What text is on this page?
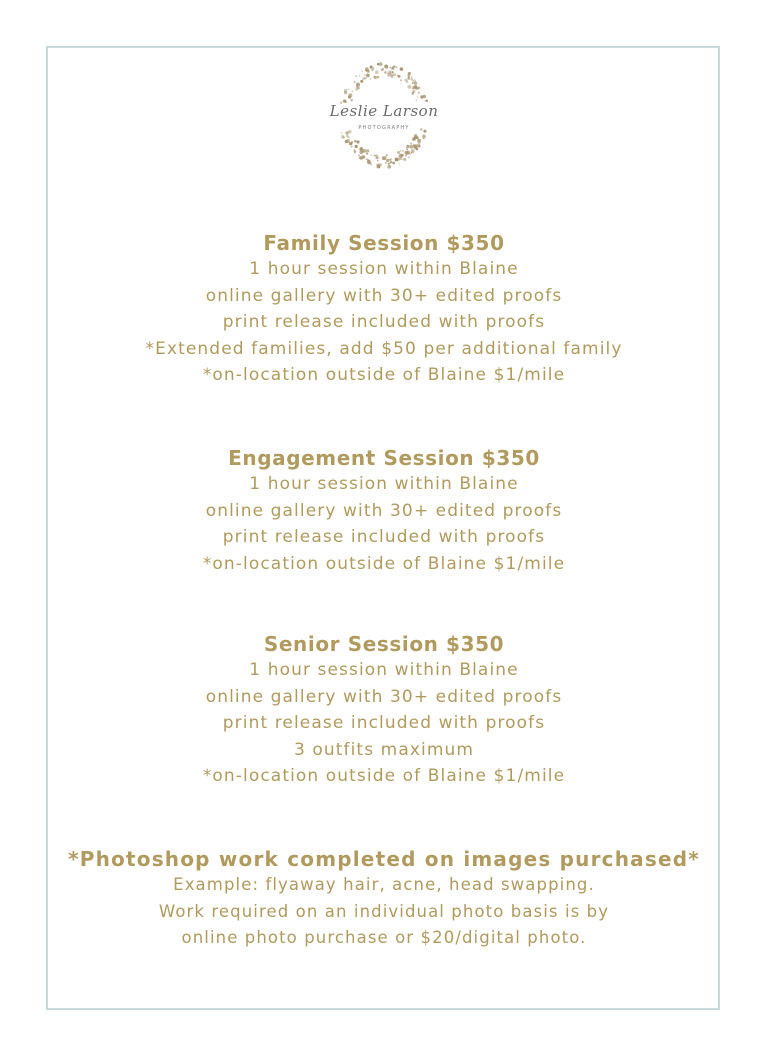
Leslie Larson
PHOTOGRAPHY
Family Session $350
1 hour session within Blaine
online gallery with 30+ edited proofs
print release included with proofs
*Extended families, add $50 per additional family
*on-location outside of Blaine $1/mile
Engagement Session $350
1 hour session within Blaine
online gallery with 30+ edited proofs
print release included with proofs
*on-location outside of Blaine $1/mile
Senior Session $350
1 hour session within Blaine
online gallery with 30+ edited proofs
print release included with proofs
3 outfits maximum
*on-location outside of Blaine $1/mile
*Photoshop work completed on images purchased*
Example: flyaway hair, acne, head swapping.
Work required on an individual photo basis is by
online photo purchase or $20/digital photo.
